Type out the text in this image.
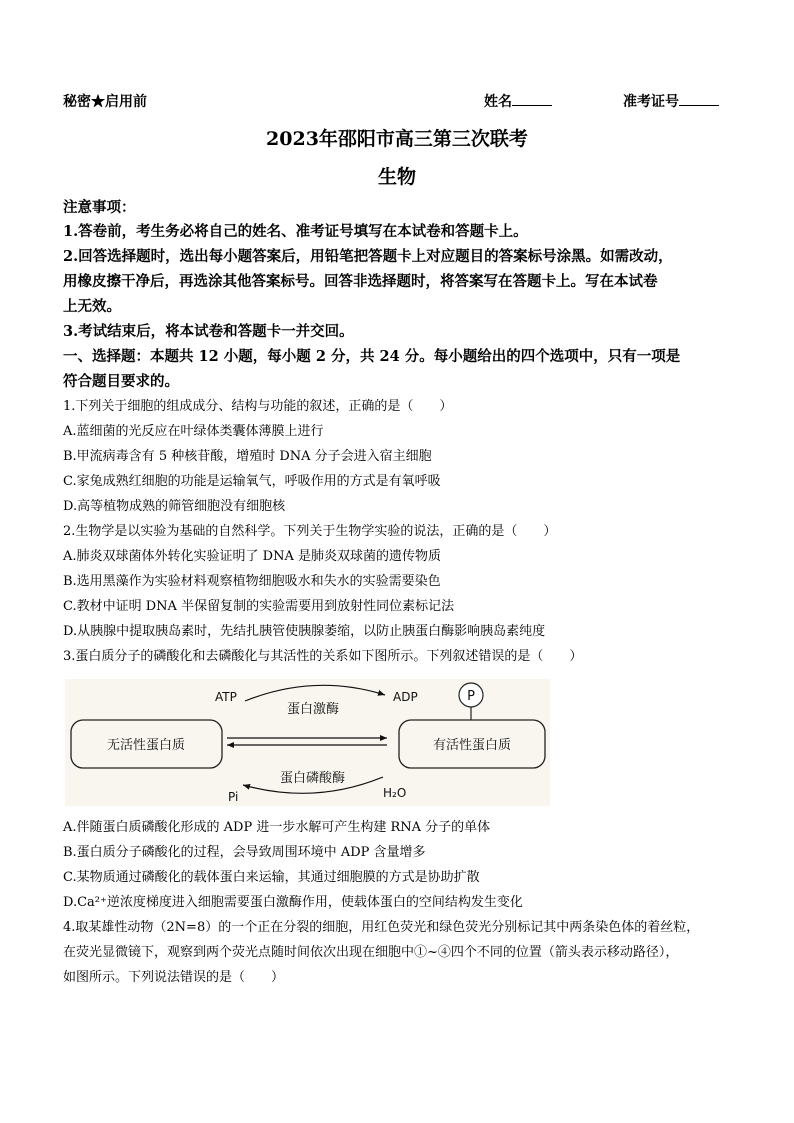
秘密★启用前	姓名	准考证号
2023年邵阳市高三第三次联考
生物
注意事项：
1.答卷前，考生务必将自己的姓名、准考证号填写在本试卷和答题卡上。
2.回答选择题时，选出每小题答案后，用铅笔把答题卡上对应题目的答案标号涂黑。如需改动，
用橡皮擦干净后，再选涂其他答案标号。回答非选择题时，将答案写在答题卡上。写在本试卷
上无效。
3.考试结束后，将本试卷和答题卡一并交回。
一、选择题：本题共 12 小题，每小题 2 分，共 24 分。每小题给出的四个选项中，只有一项是
符合题目要求的。
1.下列关于细胞的组成成分、结构与功能的叙述，正确的是（　　）
A.蓝细菌的光反应在叶绿体类囊体薄膜上进行
B.甲流病毒含有 5 种核苷酸，增殖时 DNA 分子会进入宿主细胞
C.家兔成熟红细胞的功能是运输氧气，呼吸作用的方式是有氧呼吸
D.高等植物成熟的筛管细胞没有细胞核
2.生物学是以实验为基础的自然科学。下列关于生物学实验的说法，正确的是（　　）
A.肺炎双球菌体外转化实验证明了 DNA 是肺炎双球菌的遗传物质
B.选用黑藻作为实验材料观察植物细胞吸水和失水的实验需要染色
C.教材中证明 DNA 半保留复制的实验需要用到放射性同位素标记法
D.从胰腺中提取胰岛素时，先结扎胰管使胰腺萎缩，以防止胰蛋白酶影响胰岛素纯度
3.蛋白质分子的磷酸化和去磷酸化与其活性的关系如下图所示。下列叙述错误的是（　　）
无活性蛋白质	有活性蛋白质
ATP	ADP
蛋白激酶
P
蛋白磷酸酶
Pi	H₂O
A.伴随蛋白质磷酸化形成的 ADP 进一步水解可产生构建 RNA 分子的单体
B.蛋白质分子磷酸化的过程，会导致周围环境中 ADP 含量增多
C.某物质通过磷酸化的载体蛋白来运输，其通过细胞膜的方式是协助扩散
D.Ca²⁺逆浓度梯度进入细胞需要蛋白激酶作用，使载体蛋白的空间结构发生变化
4.取某雄性动物（2N=8）的一个正在分裂的细胞，用红色荧光和绿色荧光分别标记其中两条染色体的着丝粒，
在荧光显微镜下，观察到两个荧光点随时间依次出现在细胞中①~④四个不同的位置（箭头表示移动路径），
如图所示。下列说法错误的是（　　）
